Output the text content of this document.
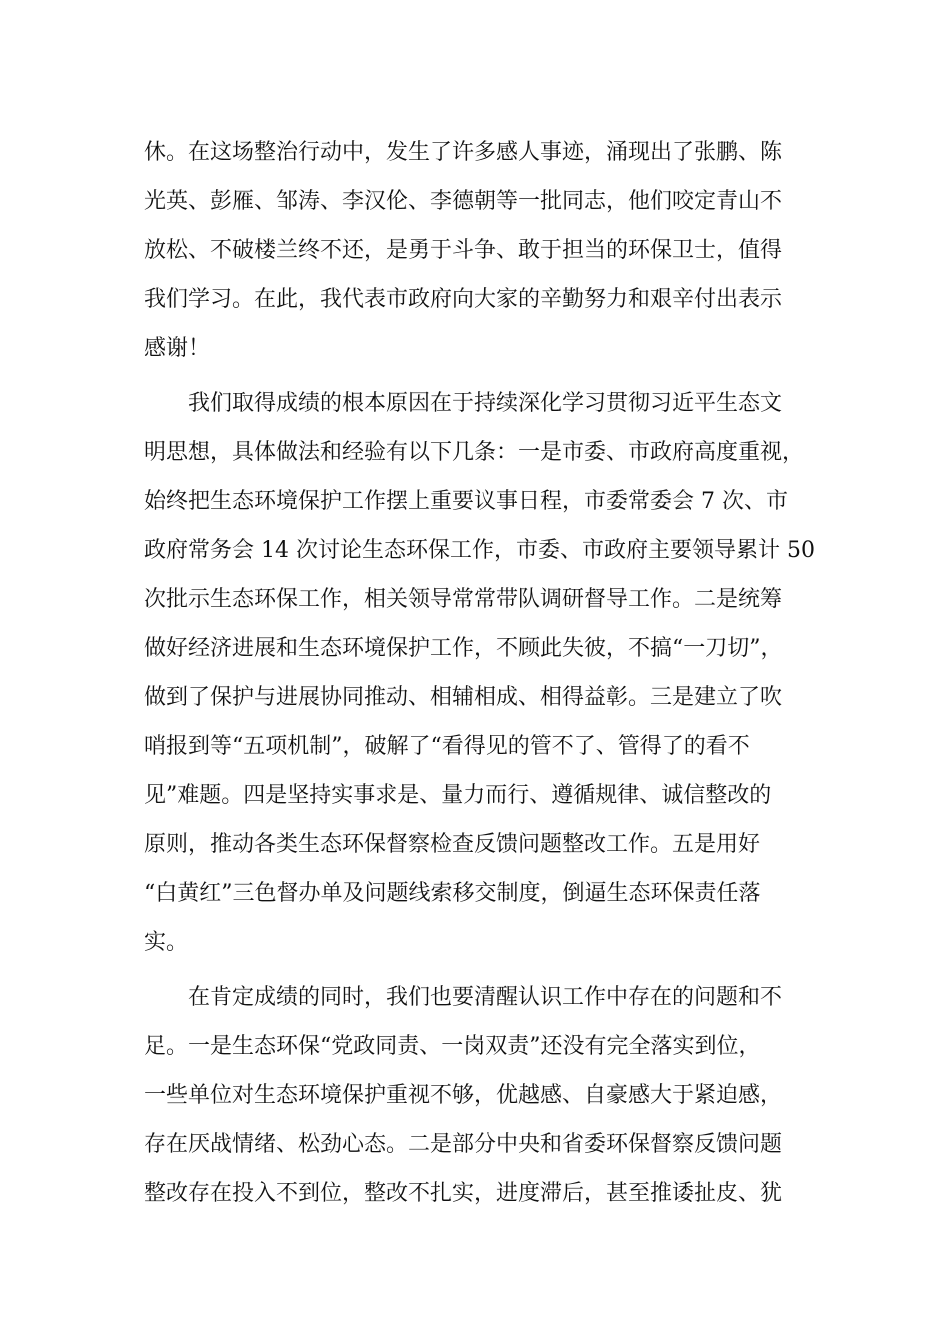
休。在这场整治行动中，发生了许多感人事迹，涌现出了张鹏、陈
光英、彭雁、邹涛、李汉伦、李德朝等一批同志，他们咬定青山不
放松、不破楼兰终不还，是勇于斗争、敢于担当的环保卫士，值得
我们学习。在此，我代表市政府向大家的辛勤努力和艰辛付出表示
感谢！
我们取得成绩的根本原因在于持续深化学习贯彻习近平生态文
明思想，具体做法和经验有以下几条：一是市委、市政府高度重视，
始终把生态环境保护工作摆上重要议事日程，市委常委会 7 次、市
政府常务会 14 次讨论生态环保工作，市委、市政府主要领导累计 50
次批示生态环保工作，相关领导常常带队调研督导工作。二是统筹
做好经济进展和生态环境保护工作，不顾此失彼，不搞“一刀切”，
做到了保护与进展协同推动、相辅相成、相得益彰。三是建立了吹
哨报到等“五项机制”，破解了“看得见的管不了、管得了的看不
见”难题。四是坚持实事求是、量力而行、遵循规律、诚信整改的
原则，推动各类生态环保督察检查反馈问题整改工作。五是用好
“白黄红”三色督办单及问题线索移交制度，倒逼生态环保责任落
实。
在肯定成绩的同时，我们也要清醒认识工作中存在的问题和不
足。一是生态环保“党政同责、一岗双责”还没有完全落实到位，
一些单位对生态环境保护重视不够，优越感、自豪感大于紧迫感，
存在厌战情绪、松劲心态。二是部分中央和省委环保督察反馈问题
整改存在投入不到位，整改不扎实，进度滞后，甚至推诿扯皮、犹
